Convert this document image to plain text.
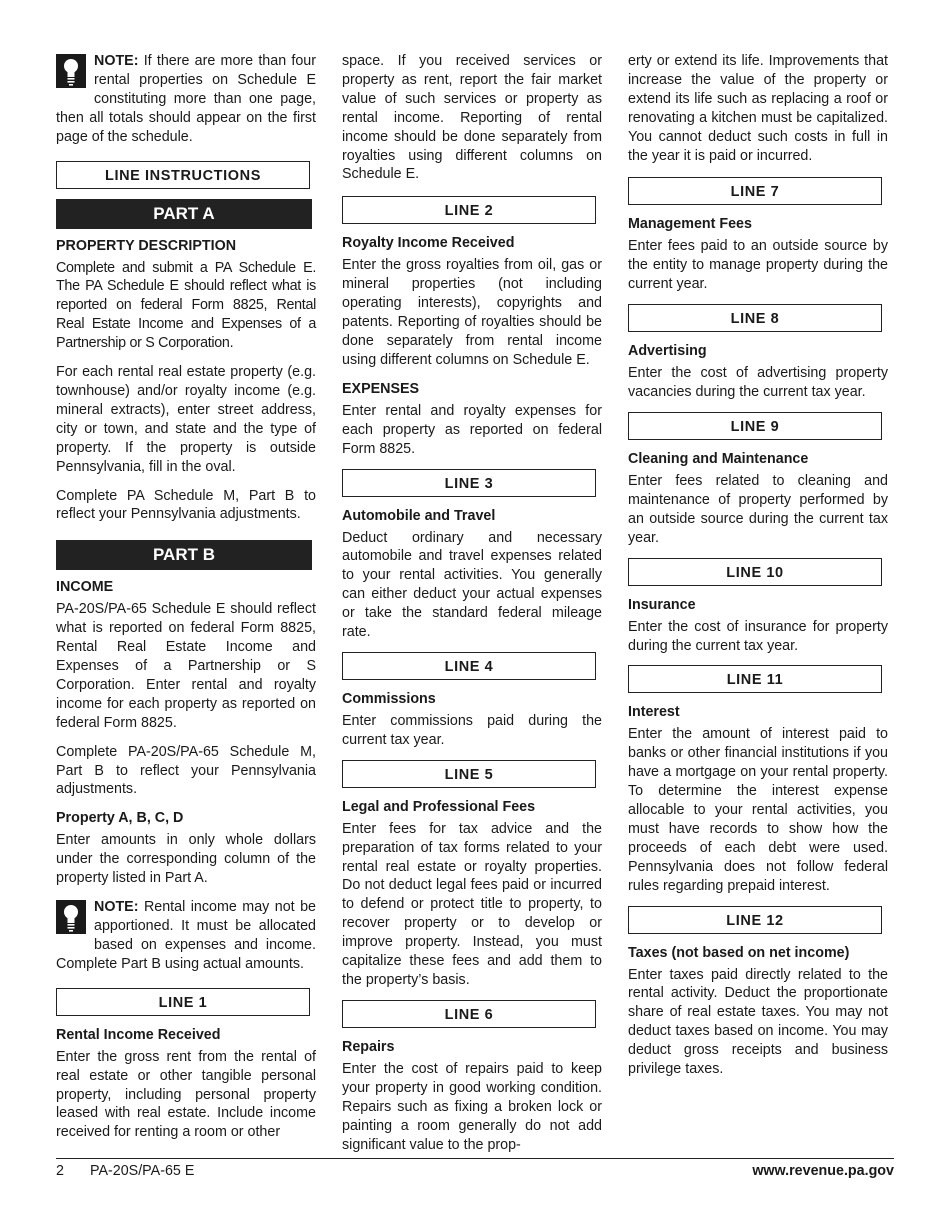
NOTE: If there are more than four rental properties on Schedule E constituting more than one page, then all totals should appear on the first page of the schedule.

LINE INSTRUCTIONS
PART A
PROPERTY DESCRIPTION

Complete and submit a PA Schedule E. The PA Schedule E should reflect what is reported on federal Form 8825, Rental Real Estate Income and Expenses of a Partnership or S Corporation.

For each rental real estate property (e.g. townhouse) and/or royalty income (e.g. mineral extracts), enter street address, city or town, and state and the type of property. If the property is outside Pennsylvania, fill in the oval.

Complete PA Schedule M, Part B to reflect your Pennsylvania adjustments.

PART B
INCOME

PA-20S/PA-65 Schedule E should reflect what is reported on federal Form 8825, Rental Real Estate Income and Expenses of a Partnership or S Corporation. Enter rental and royalty income for each property as reported on federal Form 8825.

Complete PA-20S/PA-65 Schedule M, Part B to reflect your Pennsylvania adjustments.

Property A, B, C, D

Enter amounts in only whole dollars under the corresponding column of the property listed in Part A.

NOTE: Rental income may not be apportioned. It must be allocated based on expenses and income. Complete Part B using actual amounts.

LINE 1
Rental Income Received

Enter the gross rent from the rental of real estate or other tangible personal property, including personal property leased with real estate. Include income received for renting a room or other

space. If you received services or property as rent, report the fair market value of such services or property as rental income. Reporting of rental income should be done separately from royalties using different columns on Schedule E.

LINE 2
Royalty Income Received

Enter the gross royalties from oil, gas or mineral properties (not including operating interests), copyrights and patents. Reporting of royalties should be done separately from rental income using different columns on Schedule E.

EXPENSES

Enter rental and royalty expenses for each property as reported on federal Form 8825.

LINE 3
Automobile and Travel

Deduct ordinary and necessary automobile and travel expenses related to your rental activities. You generally can either deduct your actual expenses or take the standard federal mileage rate.

LINE 4
Commissions

Enter commissions paid during the current tax year.

LINE 5
Legal and Professional Fees

Enter fees for tax advice and the preparation of tax forms related to your rental real estate or royalty properties. Do not deduct legal fees paid or incurred to defend or protect title to property, to recover property or to develop or improve property. Instead, you must capitalize these fees and add them to the property’s basis.

LINE 6
Repairs

Enter the cost of repairs paid to keep your property in good working condition. Repairs such as fixing a broken lock or painting a room generally do not add significant value to the prop-

erty or extend its life. Improvements that increase the value of the property or extend its life such as replacing a roof or renovating a kitchen must be capitalized. You cannot deduct such costs in full in the year it is paid or incurred.

LINE 7
Management Fees

Enter fees paid to an outside source by the entity to manage property during the current year.

LINE 8
Advertising

Enter the cost of advertising property vacancies during the current tax year.

LINE 9
Cleaning and Maintenance

Enter fees related to cleaning and maintenance of property performed by an outside source during the current tax year.

LINE 10
Insurance

Enter the cost of insurance for property during the current tax year.

LINE 11
Interest

Enter the amount of interest paid to banks or other financial institutions if you have a mortgage on your rental property. To determine the interest expense allocable to your rental activities, you must have records to show how the proceeds of each debt were used. Pennsylvania does not follow federal rules regarding prepaid interest.

LINE 12
Taxes (not based on net income)

Enter taxes paid directly related to the rental activity. Deduct the proportionate share of real estate taxes. You may not deduct taxes based on income. You may deduct gross receipts and business privilege taxes.

2 PA-20S/PA-65 E	www.revenue.pa.gov
